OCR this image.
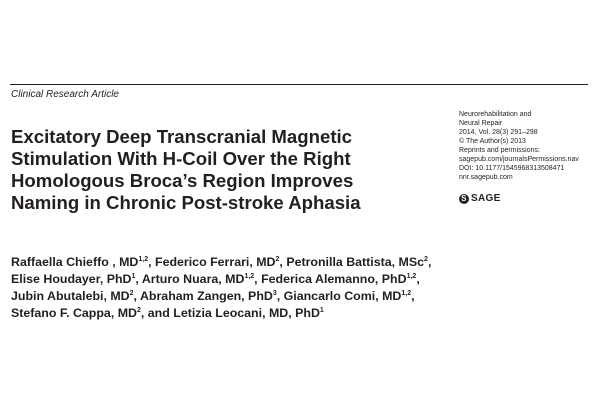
Clinical Research Article
Excitatory Deep Transcranial Magnetic
Stimulation With H-Coil Over the Right
Homologous Broca’s Region Improves
Naming in Chronic Post-stroke Aphasia
Neurorehabilitation and
Neural Repair
2014, Vol. 28(3) 291–298
© The Author(s) 2013
Reprints and permissions:
sagepub.com/journalsPermissions.nav
DOI: 10.1177/1545968313508471
nnr.sagepub.com
S SAGE
Raffaella Chieffo , MD$^{1,2}$, Federico Ferrari, $MD^2$, Petronilla Battista, MSc$^2$,
Elise Houdayer, PhD$^1$, Arturo Nuara, MD$^{1,2}$, Federica Alemanno, PhD$^{1,2}$,
Jubin Abutalebi, $MD^2$, Abraham Zangen, PhD$^3$, Giancarlo Comi, MD$^{1,2}$,
Stefano F. Cappa, $MD^2$, and Letizia Leocani, MD, PhD$^1$
